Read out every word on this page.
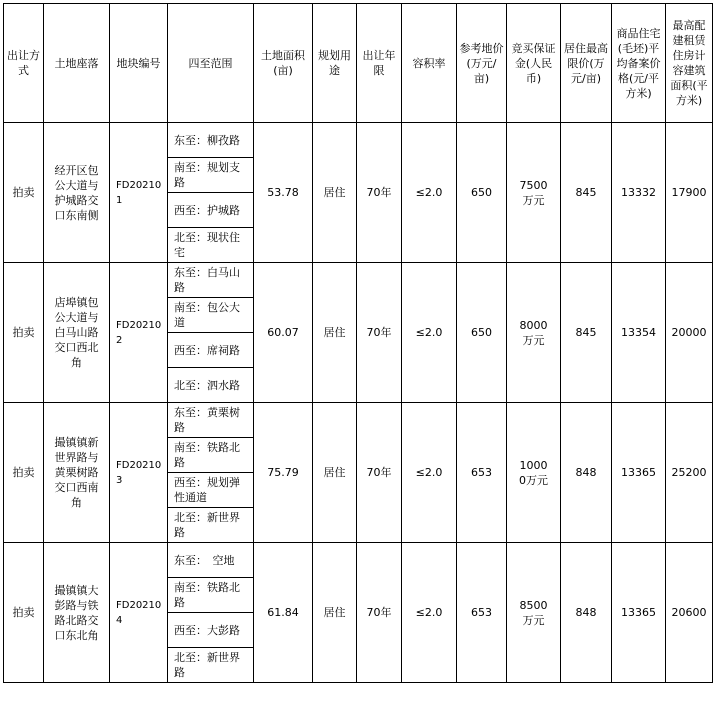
出让方式	土地座落	地块编号	四至范围	土地面积(亩)	规划用途	出让年限	容积率	参考地价(万元/亩)	竞买保证金(人民币)	居住最高限价(万元/亩)	商品住宅(毛坯)平均备案价格(元/平方米)	最高配建租赁住房计容建筑面积(平方米)
拍卖	经开区包公大道与护城路交口东南侧	FD202101	东至：柳孜路	53.78	居住	70年	≤2.0	650	7500万元	845	13332	17900
			南至：规划支路									
			西至：护城路									
			北至：现状住宅									
拍卖	店埠镇包公大道与白马山路交口西北角	FD202102	东至：白马山路	60.07	居住	70年	≤2.0	650	8000万元	845	13354	20000
			南至：包公大道									
			西至：席祠路									
			北至：泗水路									
拍卖	撮镇镇新世界路与黄栗树路交口西南角	FD202103	东至：黄栗树路	75.79	居住	70年	≤2.0	653	10000万元	848	13365	25200
			南至：铁路北路									
			西至：规划弹性通道									
			北至：新世界路									
拍卖	撮镇镇大彭路与铁路北路交口东北角	FD202104	东至：　空地	61.84	居住	70年	≤2.0	653	8500万元	848	13365	20600
			南至：铁路北路									
			西至：大彭路									
			北至：新世界路									
